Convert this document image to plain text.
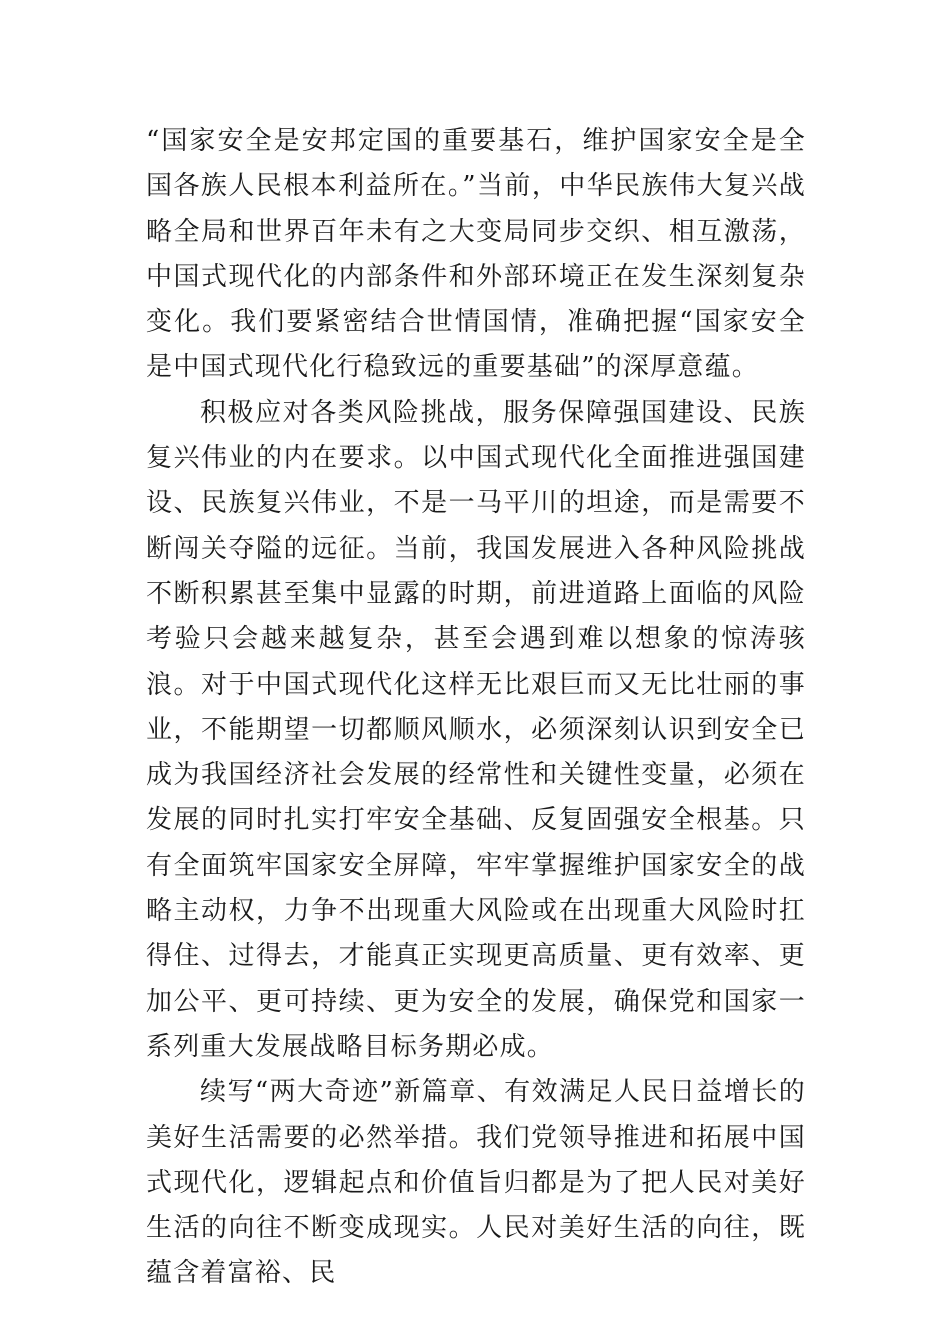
“国家安全是安邦定国的重要基石，维护国家安全是全国各族人民根本利益所在。”当前，中华民族伟大复兴战略全局和世界百年未有之大变局同步交织、相互激荡，中国式现代化的内部条件和外部环境正在发生深刻复杂变化。我们要紧密结合世情国情，准确把握“国家安全是中国式现代化行稳致远的重要基础”的深厚意蕴。

积极应对各类风险挑战，服务保障强国建设、民族复兴伟业的内在要求。以中国式现代化全面推进强国建设、民族复兴伟业，不是一马平川的坦途，而是需要不断闯关夺隘的远征。当前，我国发展进入各种风险挑战不断积累甚至集中显露的时期，前进道路上面临的风险考验只会越来越复杂，甚至会遇到难以想象的惊涛骇浪。对于中国式现代化这样无比艰巨而又无比壮丽的事业，不能期望一切都顺风顺水，必须深刻认识到安全已成为我国经济社会发展的经常性和关键性变量，必须在发展的同时扎实打牢安全基础、反复固强安全根基。只有全面筑牢国家安全屏障，牢牢掌握维护国家安全的战略主动权，力争不出现重大风险或在出现重大风险时扛得住、过得去，才能真正实现更高质量、更有效率、更加公平、更可持续、更为安全的发展，确保党和国家一系列重大发展战略目标务期必成。

续写“两大奇迹”新篇章、有效满足人民日益增长的美好生活需要的必然举措。我们党领导推进和拓展中国式现代化，逻辑起点和价值旨归都是为了把人民对美好生活的向往不断变成现实。人民对美好生活的向往，既蕴含着富裕、民
